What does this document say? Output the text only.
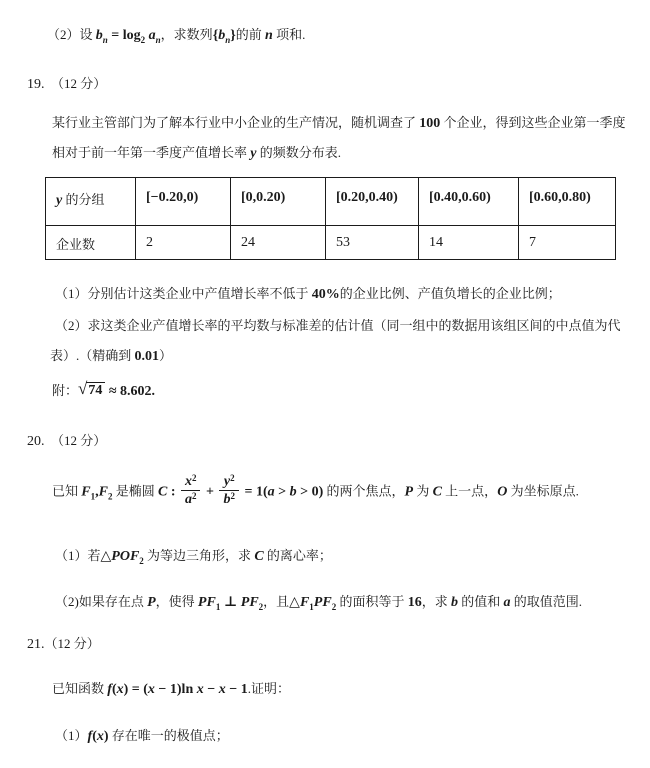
（2）设 $b_n = \log_2 a_n$，求数列$\{b_n\}$的前 n 项和.
19.　（12 分）
某行业主管部门为了解本行业中小企业的生产情况，随机调查了 100 个企业，得到这些企业第一季度
相对于前一年第一季度产值增长率 y 的频数分布表.
y 的分组	[−0.20,0)	[0,0.20)	[0.20,0.40)	[0.40,0.60)	[0.60,0.80)
企业数	2	24	53	14	7
（1）分别估计这类企业中产值增长率不低于 40%的企业比例、产值负增长的企业比例；
（2）求这类企业产值增长率的平均数与标准差的估计值（同一组中的数据用该组区间的中点值为代
表）.（精确到 0.01）
附：√74 ≈ 8.602.
20.　（12 分）
已知 $F_1,F_2$ 是椭圆 C : $\frac{x^2}{a^2} + \frac{y^2}{b^2} = 1(a > b > 0)$ 的两个焦点，P 为 C 上一点，O 为坐标原点.
（1）若$\triangle POF_2$ 为等边三角形，求 C 的离心率；
（2)如果存在点 P，使得 $PF_1$ ⊥ $PF_2$，且$\triangle F_1PF_2$ 的面积等于 16，求 b 的值和 a 的取值范围.
21.（12 分）
已知函数 f(x) = (x − 1)ln x − x − 1.证明：
（1）f(x) 存在唯一的极值点；
